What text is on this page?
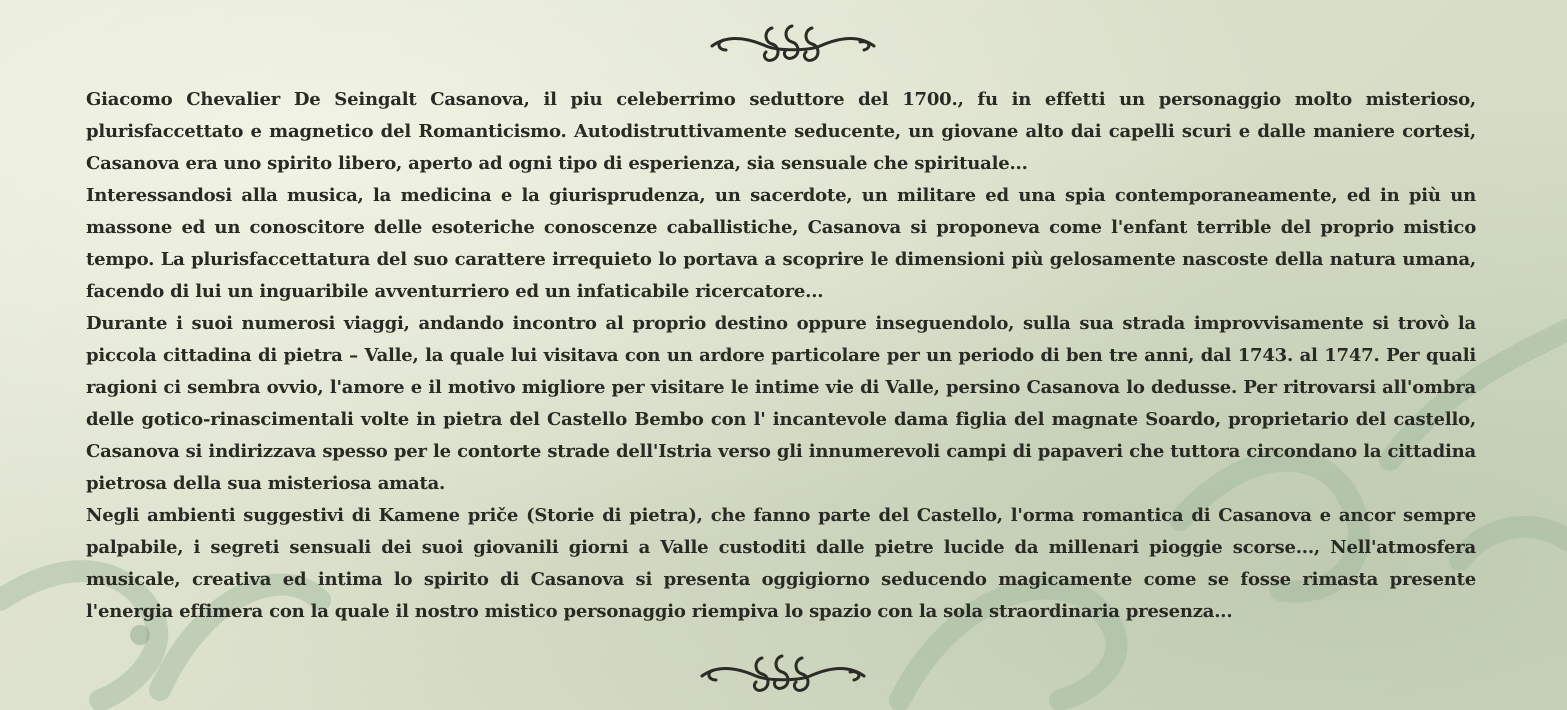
Giacomo Chevalier De Seingalt Casanova, il piu celeberrimo seduttore del 1700., fu in effetti un personaggio molto misterioso, plurisfaccettato e magnetico del Romanticismo. Autodistruttivamente seducente, un giovane alto dai capelli scuri e dalle maniere cortesi, Casanova era uno spirito libero, aperto ad ogni tipo di esperienza, sia sensuale che spirituale...

Interessandosi alla musica, la medicina e la giurisprudenza, un sacerdote, un militare ed una spia contemporaneamente, ed in più un massone ed un conoscitore delle esoteriche conoscenze caballistiche, Casanova si proponeva come l'enfant terrible del proprio mistico tempo. La plurisfaccettatura del suo carattere irrequieto lo portava a scoprire le dimensioni più gelosamente nascoste della natura umana, facendo di lui un inguaribile avventurriero ed un infaticabile ricercatore...

Durante i suoi numerosi viaggi, andando incontro al proprio destino oppure inseguendolo, sulla sua strada improvvisamente si trovò la piccola cittadina di pietra – Valle, la quale lui visitava con un ardore particolare per un periodo di ben tre anni, dal 1743. al 1747. Per quali ragioni ci sembra ovvio, l'amore e il motivo migliore per visitare le intime vie di Valle, persino Casanova lo dedusse. Per ritrovarsi all'ombra delle gotico-rinascimentali volte in pietra del Castello Bembo con l' incantevole dama figlia del magnate Soardo, proprietario del castello, Casanova si indirizzava spesso per le contorte strade dell'Istria verso gli innumerevoli campi di papaveri che tuttora circondano la cittadina pietrosa della sua misteriosa amata.

Negli ambienti suggestivi di Kamene priče (Storie di pietra), che fanno parte del Castello, l'orma romantica di Casanova e ancor sempre palpabile, i segreti sensuali dei suoi giovanili giorni a Valle custoditi dalle pietre lucide da millenari pioggie scorse..., Nell'atmosfera musicale, creativa ed intima lo spirito di Casanova si presenta oggigiorno seducendo magicamente come se fosse rimasta presente l'energia effimera con la quale il nostro mistico personaggio riempiva lo spazio con la sola straordinaria presenza...
